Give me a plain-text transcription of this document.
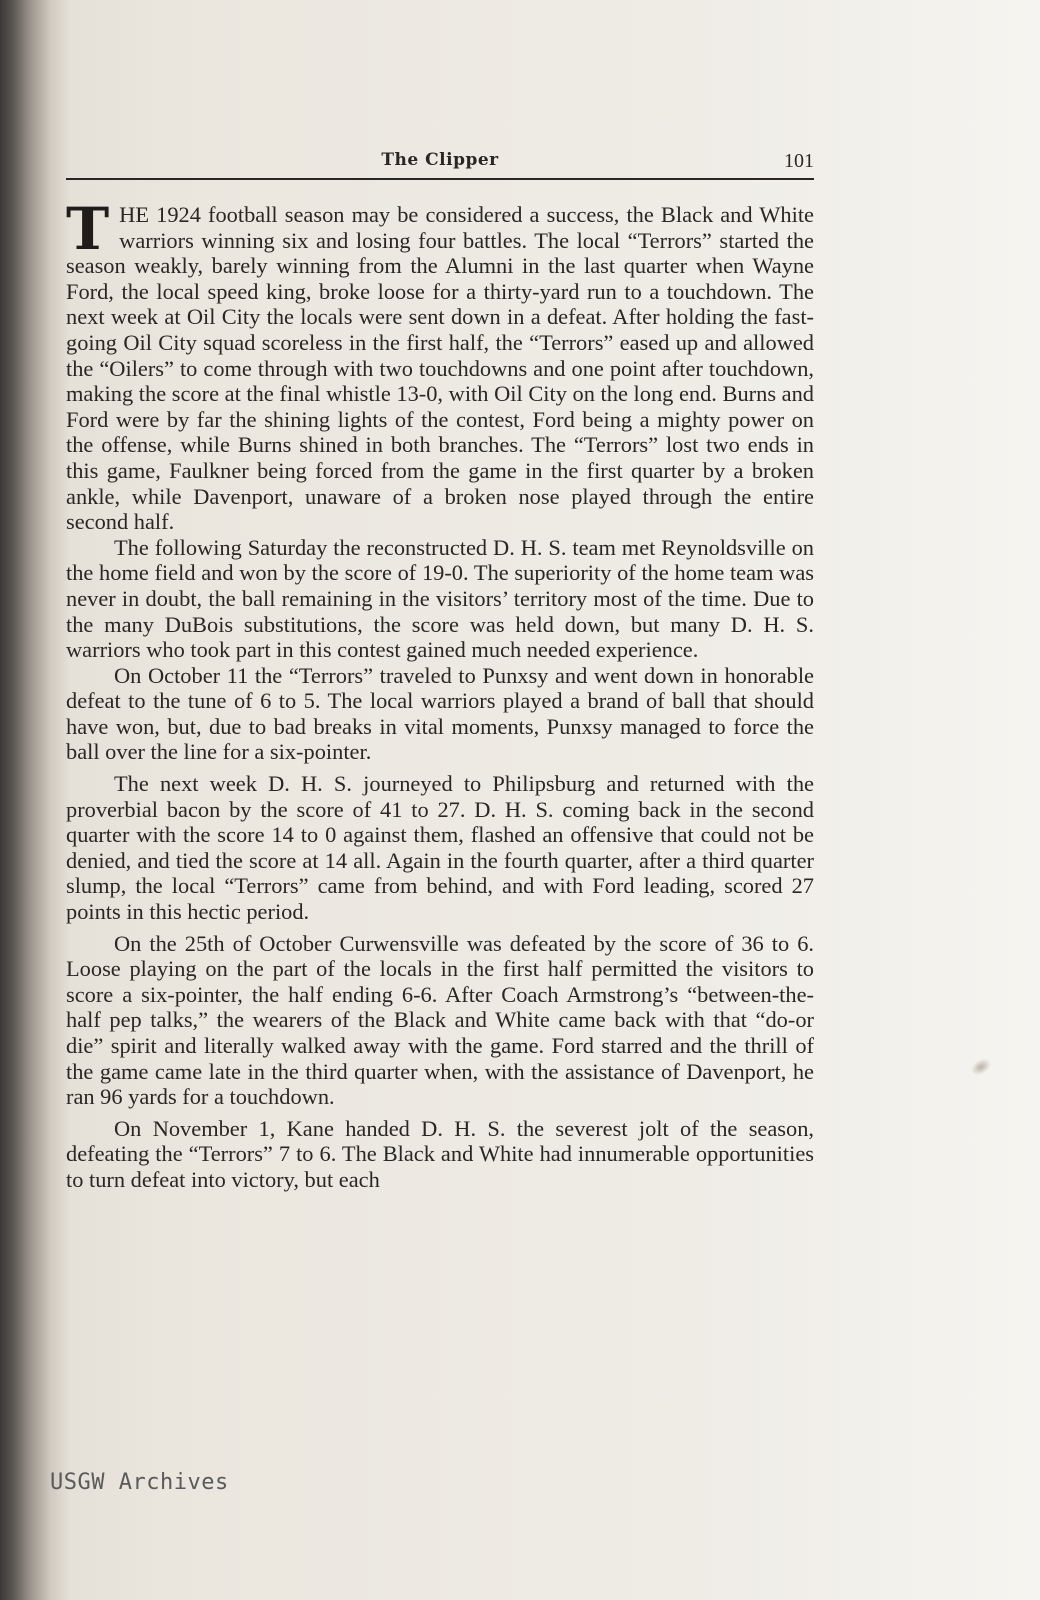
The Clipper	101

THE 1924 football season may be considered a success, the Black and White warriors winning six and losing four battles. The local “Terrors” started the season weakly, barely winning from the Alumni in the last quarter when Wayne Ford, the local speed king, broke loose for a thirty-yard run to a touchdown. The next week at Oil City the locals were sent down in a defeat. After holding the fast-going Oil City squad scoreless in the first half, the “Terrors” eased up and allowed the “Oilers” to come through with two touchdowns and one point after touchdown, making the score at the final whistle 13-0, with Oil City on the long end. Burns and Ford were by far the shining lights of the contest, Ford being a mighty power on the offense, while Burns shined in both branches. The “Terrors” lost two ends in this game, Faulkner being forced from the game in the first quarter by a broken ankle, while Davenport, unaware of a broken nose played through the entire second half.

The following Saturday the reconstructed D. H. S. team met Reynoldsville on the home field and won by the score of 19-0. The superiority of the home team was never in doubt, the ball remaining in the visitors’ territory most of the time. Due to the many DuBois substitutions, the score was held down, but many D. H. S. warriors who took part in this contest gained much needed experience.

On October 11 the “Terrors” traveled to Punxsy and went down in honorable defeat to the tune of 6 to 5. The local warriors played a brand of ball that should have won, but, due to bad breaks in vital moments, Punxsy managed to force the ball over the line for a six-pointer.

The next week D. H. S. journeyed to Philipsburg and returned with the proverbial bacon by the score of 41 to 27. D. H. S. coming back in the second quarter with the score 14 to 0 against them, flashed an offensive that could not be denied, and tied the score at 14 all. Again in the fourth quarter, after a third quarter slump, the local “Terrors” came from behind, and with Ford leading, scored 27 points in this hectic period.

On the 25th of October Curwensville was defeated by the score of 36 to 6. Loose playing on the part of the locals in the first half permitted the visitors to score a six-pointer, the half ending 6-6. After Coach Armstrong’s “between-the-half pep talks,” the wearers of the Black and White came back with that “do-or die” spirit and literally walked away with the game. Ford starred and the thrill of the game came late in the third quarter when, with the assistance of Davenport, he ran 96 yards for a touchdown.

On November 1, Kane handed D. H. S. the severest jolt of the season, defeating the “Terrors” 7 to 6. The Black and White had innumerable opportunities to turn defeat into victory, but each

USGW Archives
